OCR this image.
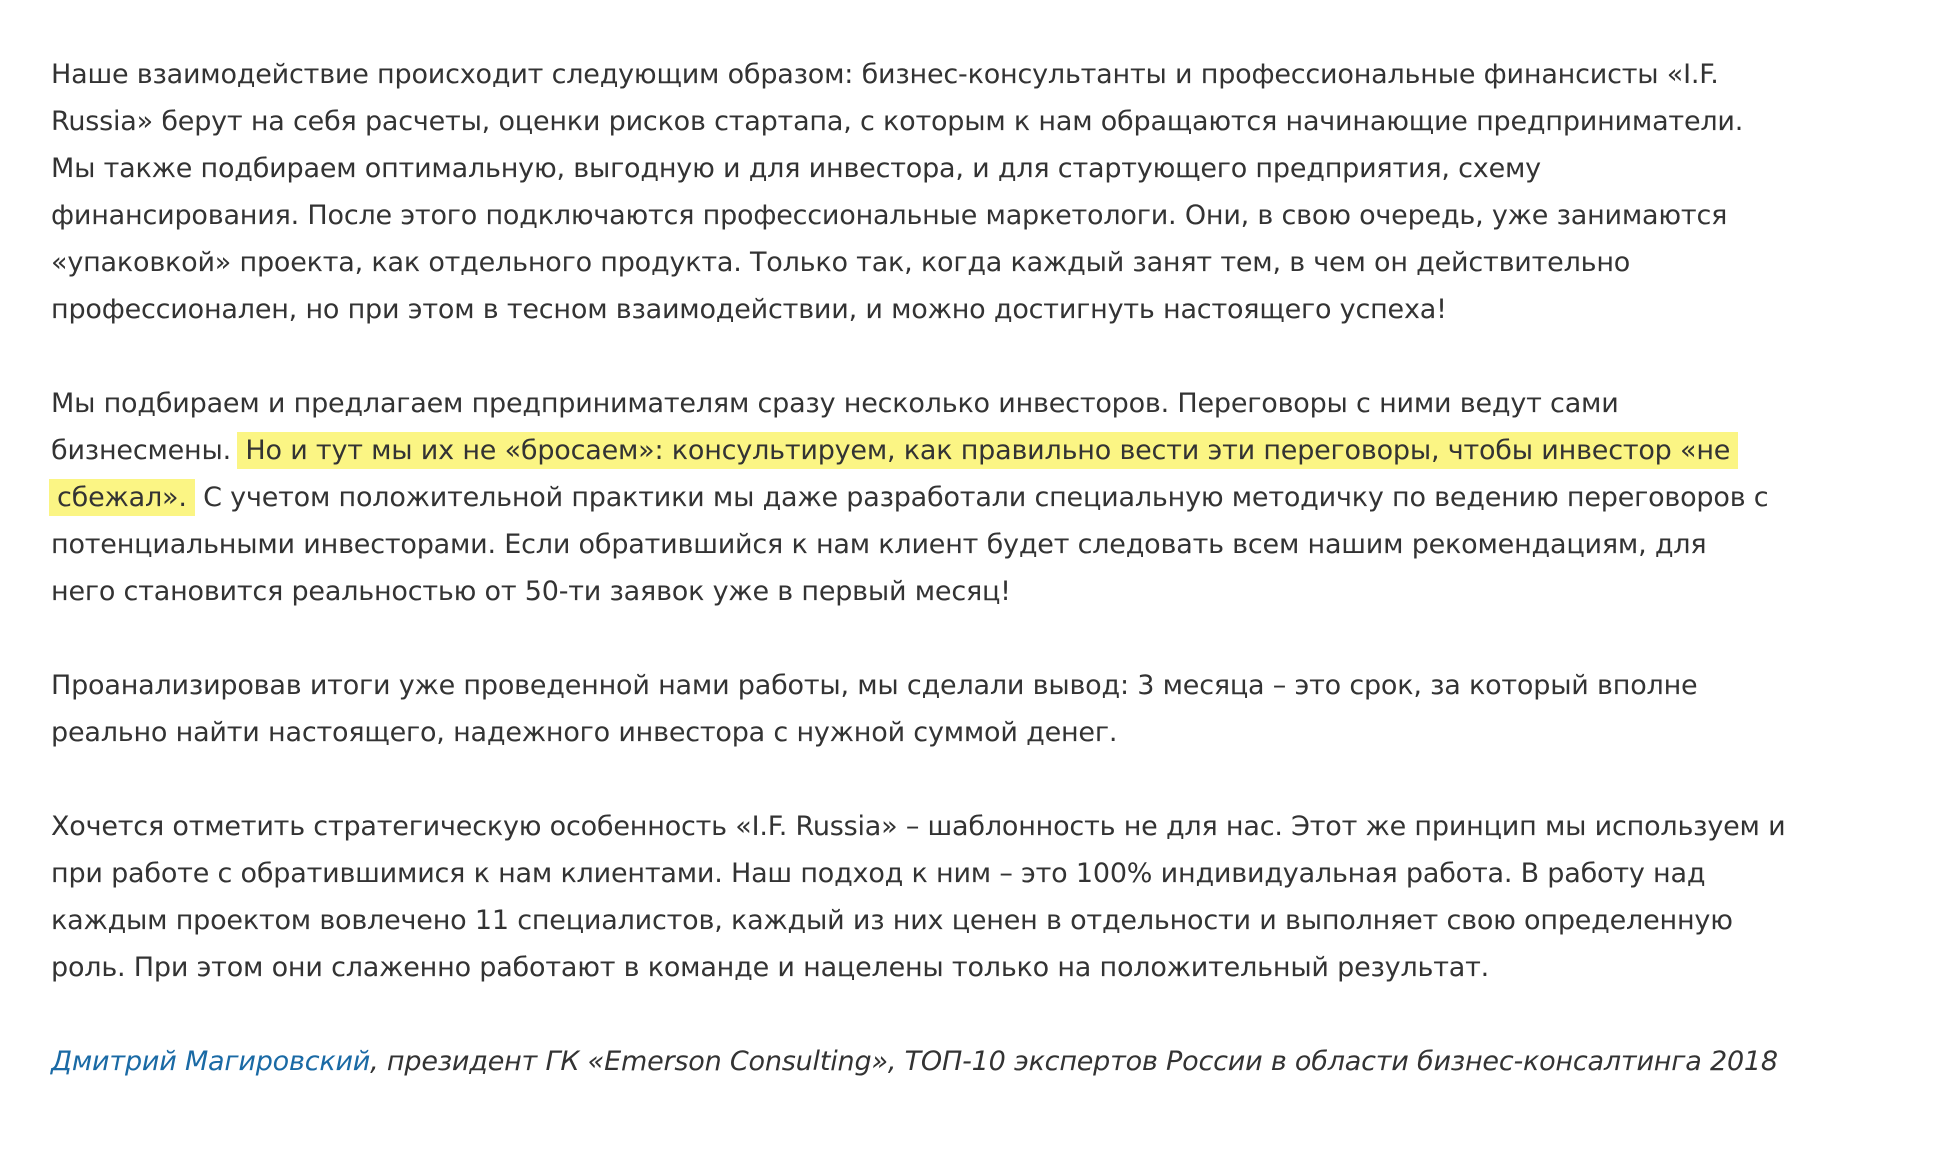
Наше взаимодействие происходит следующим образом: бизнес-консультанты и профессиональные финансисты «I.F.
Russia» берут на себя расчеты, оценки рисков стартапа, с которым к нам обращаются начинающие предприниматели.
Мы также подбираем оптимальную, выгодную и для инвестора, и для стартующего предприятия, схему
финансирования. После этого подключаются профессиональные маркетологи. Они, в свою очередь, уже занимаются
«упаковкой» проекта, как отдельного продукта. Только так, когда каждый занят тем, в чем он действительно
профессионален, но при этом в тесном взаимодействии, и можно достигнуть настоящего успеха!

Мы подбираем и предлагаем предпринимателям сразу несколько инвесторов. Переговоры с ними ведут сами
бизнесмены. Но и тут мы их не «бросаем»: консультируем, как правильно вести эти переговоры, чтобы инвестор «не
сбежал». С учетом положительной практики мы даже разработали специальную методичку по ведению переговоров с
потенциальными инвесторами. Если обратившийся к нам клиент будет следовать всем нашим рекомендациям, для
него становится реальностью от 50-ти заявок уже в первый месяц!

Проанализировав итоги уже проведенной нами работы, мы сделали вывод: 3 месяца – это срок, за который вполне
реально найти настоящего, надежного инвестора с нужной суммой денег.

Хочется отметить стратегическую особенность «I.F. Russia» – шаблонность не для нас. Этот же принцип мы используем и
при работе с обратившимися к нам клиентами. Наш подход к ним – это 100% индивидуальная работа. В работу над
каждым проектом вовлечено 11 специалистов, каждый из них ценен в отдельности и выполняет свою определенную
роль. При этом они слаженно работают в команде и нацелены только на положительный результат.

Дмитрий Магировский, президент ГК «Emerson Consulting», ТОП-10 экспертов России в области бизнес-консалтинга 2018
